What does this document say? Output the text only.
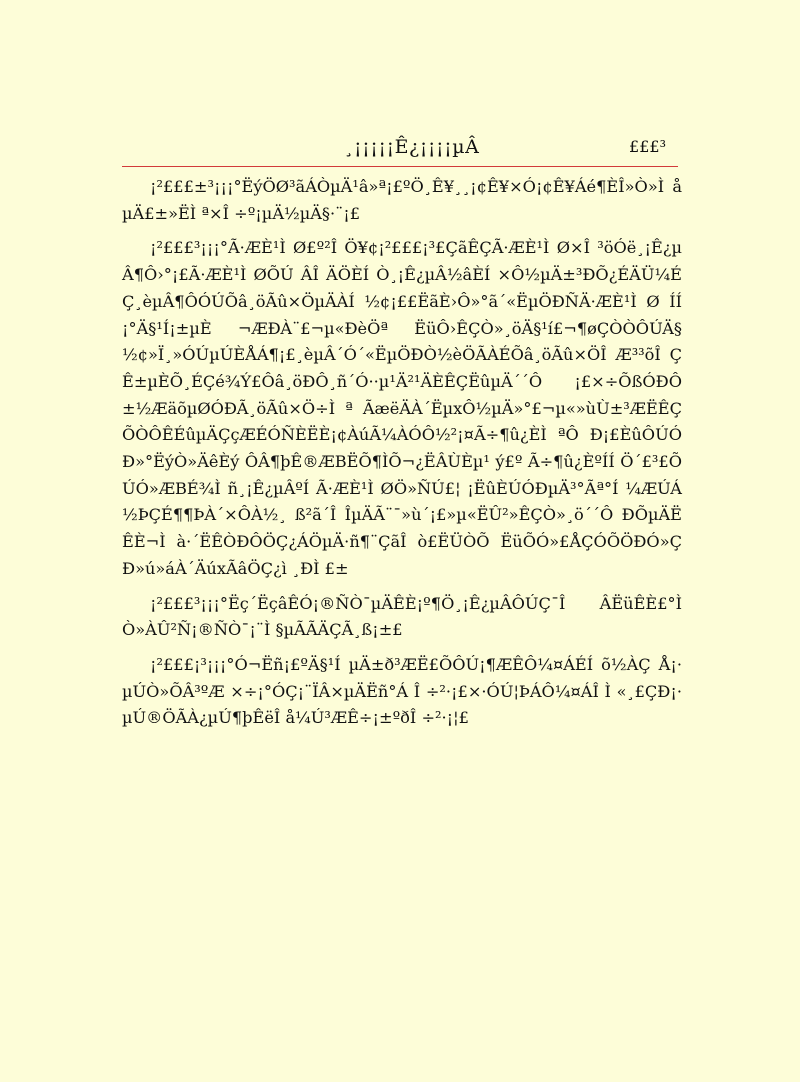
¸¡¡¡¡¡Ê¿¡¡¡¡µÂ	£££³

¡²£££±³¡¡¡°ËýÖØ³ãÁÒµÄ¹â»ª¡£ºÖ¸Ê¥¸¸¡¢Ê¥×Ó¡¢Ê¥Áé¶ÈÎ»Ò»Ì åµÄ£±»ËÌ ª×Î ÷º¡µÄ½µÄ§·¨¡£

¡²£££³¡¡¡°Ã·ÆÈ¹Ì Ø£º²Î Ö¥¢¡²£££¡³£ÇãÊÇÃ·ÆÈ¹Ì Ø×Î ³öÓë¸¡Ê¿µÂ¶Ô›°¡£Ã·ÆÈ¹Ì ØÕÚ ÂÎ ÄÖÈÍ Ò¸¡Ê¿µÂ½âÈÍ ×Ô½µÄ±³ÐÕ¿ÉÄÜ¼ÉÇ¸èµÂ¶ÔÓÚÕâ¸öÃû×ÖµÄÀÍ ½¢¡££ËãÈ›Ô»°ã´«ËµÖÐÑÄ·ÆÈ¹Ì Ø ÍÍ¡°Ä§¹Í¡±µÈ ¬ÆÐÀ¨£¬µ«ÐèÖª ËüÔ›ÊÇÒ»¸öÄ§¹í£¬¶øÇÒÒÔÚÄ§½¢»Ï¸»ÓÚµÚÈÅÁ¶¡£¸èµÂ´Ó´«ËµÖÐÒ½èÖÃÀÉÕâ¸öÃû×ÖÎ Æ³³õÎ ÇÊ±µÈÕ¸ÉÇé¾Ý£Ôâ¸öÐÔ¸ñ´Ó··µ¹Ä²¹ÄÈÊÇËûµÄ´´Ô ¡£×÷ÕßÓÐÔ±½ÆäõµØÓÐÃ¸öÃû×Ö÷Ì ª ÃæëÄÀ´ËµxÔ½µÄ»°£¬µ«»ùÙ±³ÆËÊÇÕÒÔÊÉûµÄÇçÆÉÓÑÈËÈ¡¢ÀúÃ¼ÀÓÔ½²¡¤Ã÷¶û¿ÈÌ ªÔ Ð¡£ÈûÔÚÓÐ»°ËýÒ»ÄêÈý ÔÂ¶þÊ®ÆBËÕ¶ÌÕ¬¿ËÂÙÈµ¹ ý£º Ã÷¶û¿ÈºÍÍ Ö´£³£ÕÚÓ»ÆBÉ¾Ì ñ¸¡Ê¿µÂºÍ Ã·ÆÈ¹Ì ØÖ»ÑÚ£¦ ¡ËûÈÚÓÐµÄ³°Ãª°Í ¼ÆÚÁ½ÞÇÉ¶¶ÞÀ´×ÔÀ½¸ ß²ã´Î ÎµÄÃ¨¯»ù´¡£»µ«ËÛ²»ÊÇÒ»¸ö´´Ô ÐÕµÄËÊÈ¬Ì à·´ËÊÒÐÔÖÇ¿ÁÖµÄ·ñ¶¨ÇãÎ ò£ËÜÒÕ ËüÕÓ»£ÅÇÓÕÖÐÓ»ÇÐ»ú»áÀ´ÄúxÃâÖÇ¿ì ¸ÐÌ £±

¡²£££³¡¡¡°Ëç´ËçâÊÓ¡®ÑÒ¯µÄÊÈ¡º¶Ö¸¡Ê¿µÂÔÚÇ¯Î ÂËüÊÈ£°ÌÒ»ÀÛ²Ñ¡®ÑÒ¯¡¨Ì §µÃÃÄÇÃ¸ß¡±£

¡²£££¡³¡¡¡°Ó¬Ëñ¡£ºÄ§¹Í µÄ±ð³ÆË£ÕÔÚ¡¶ÆÊÔ¼¤ÁÉÍ õ½ÀÇ Å¡·µÚÒ»ÕÂ³ºÆ ×÷¡°ÓÇ¡¨ÏÂ×µÄËñ°Á Î ÷²·¡£×·ÓÚ¦ÞÁÔ¼¤ÁÎ Ì «¸£ÇÐ¡·µÚ®ÖÃÀ¿µÚ¶þÊëÎ å¼Ú³ÆÊ÷¡±ºðÎ ÷²·¡¦£
